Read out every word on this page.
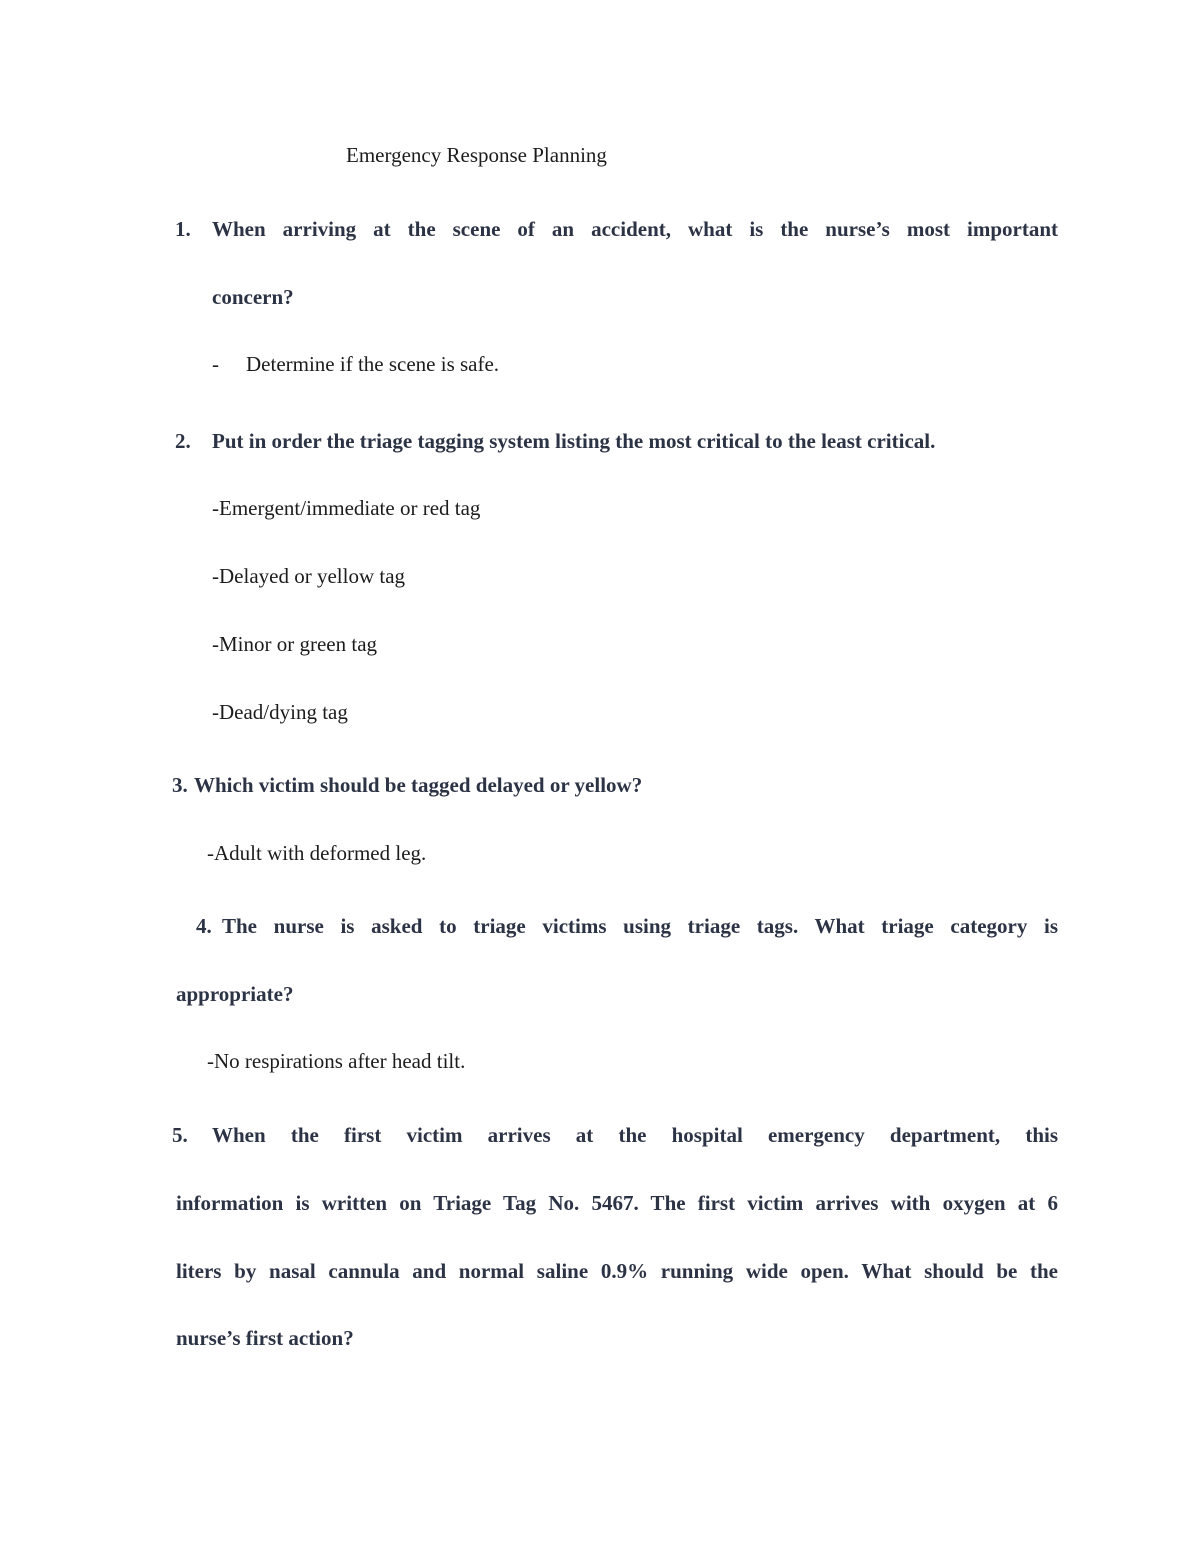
Emergency Response Planning
1. When arriving at the scene of an accident, what is the nurse’s most important
concern?
- Determine if the scene is safe.
2. Put in order the triage tagging system listing the most critical to the least critical.
-Emergent/immediate or red tag
-Delayed or yellow tag
-Minor or green tag
-Dead/dying tag
3. Which victim should be tagged delayed or yellow?
-Adult with deformed leg.
4. The nurse is asked to triage victims using triage tags. What triage category is
appropriate?
-No respirations after head tilt.
5. When the first victim arrives at the hospital emergency department, this
information is written on Triage Tag No. 5467. The first victim arrives with oxygen at 6
liters by nasal cannula and normal saline 0.9% running wide open. What should be the
nurse’s first action?
